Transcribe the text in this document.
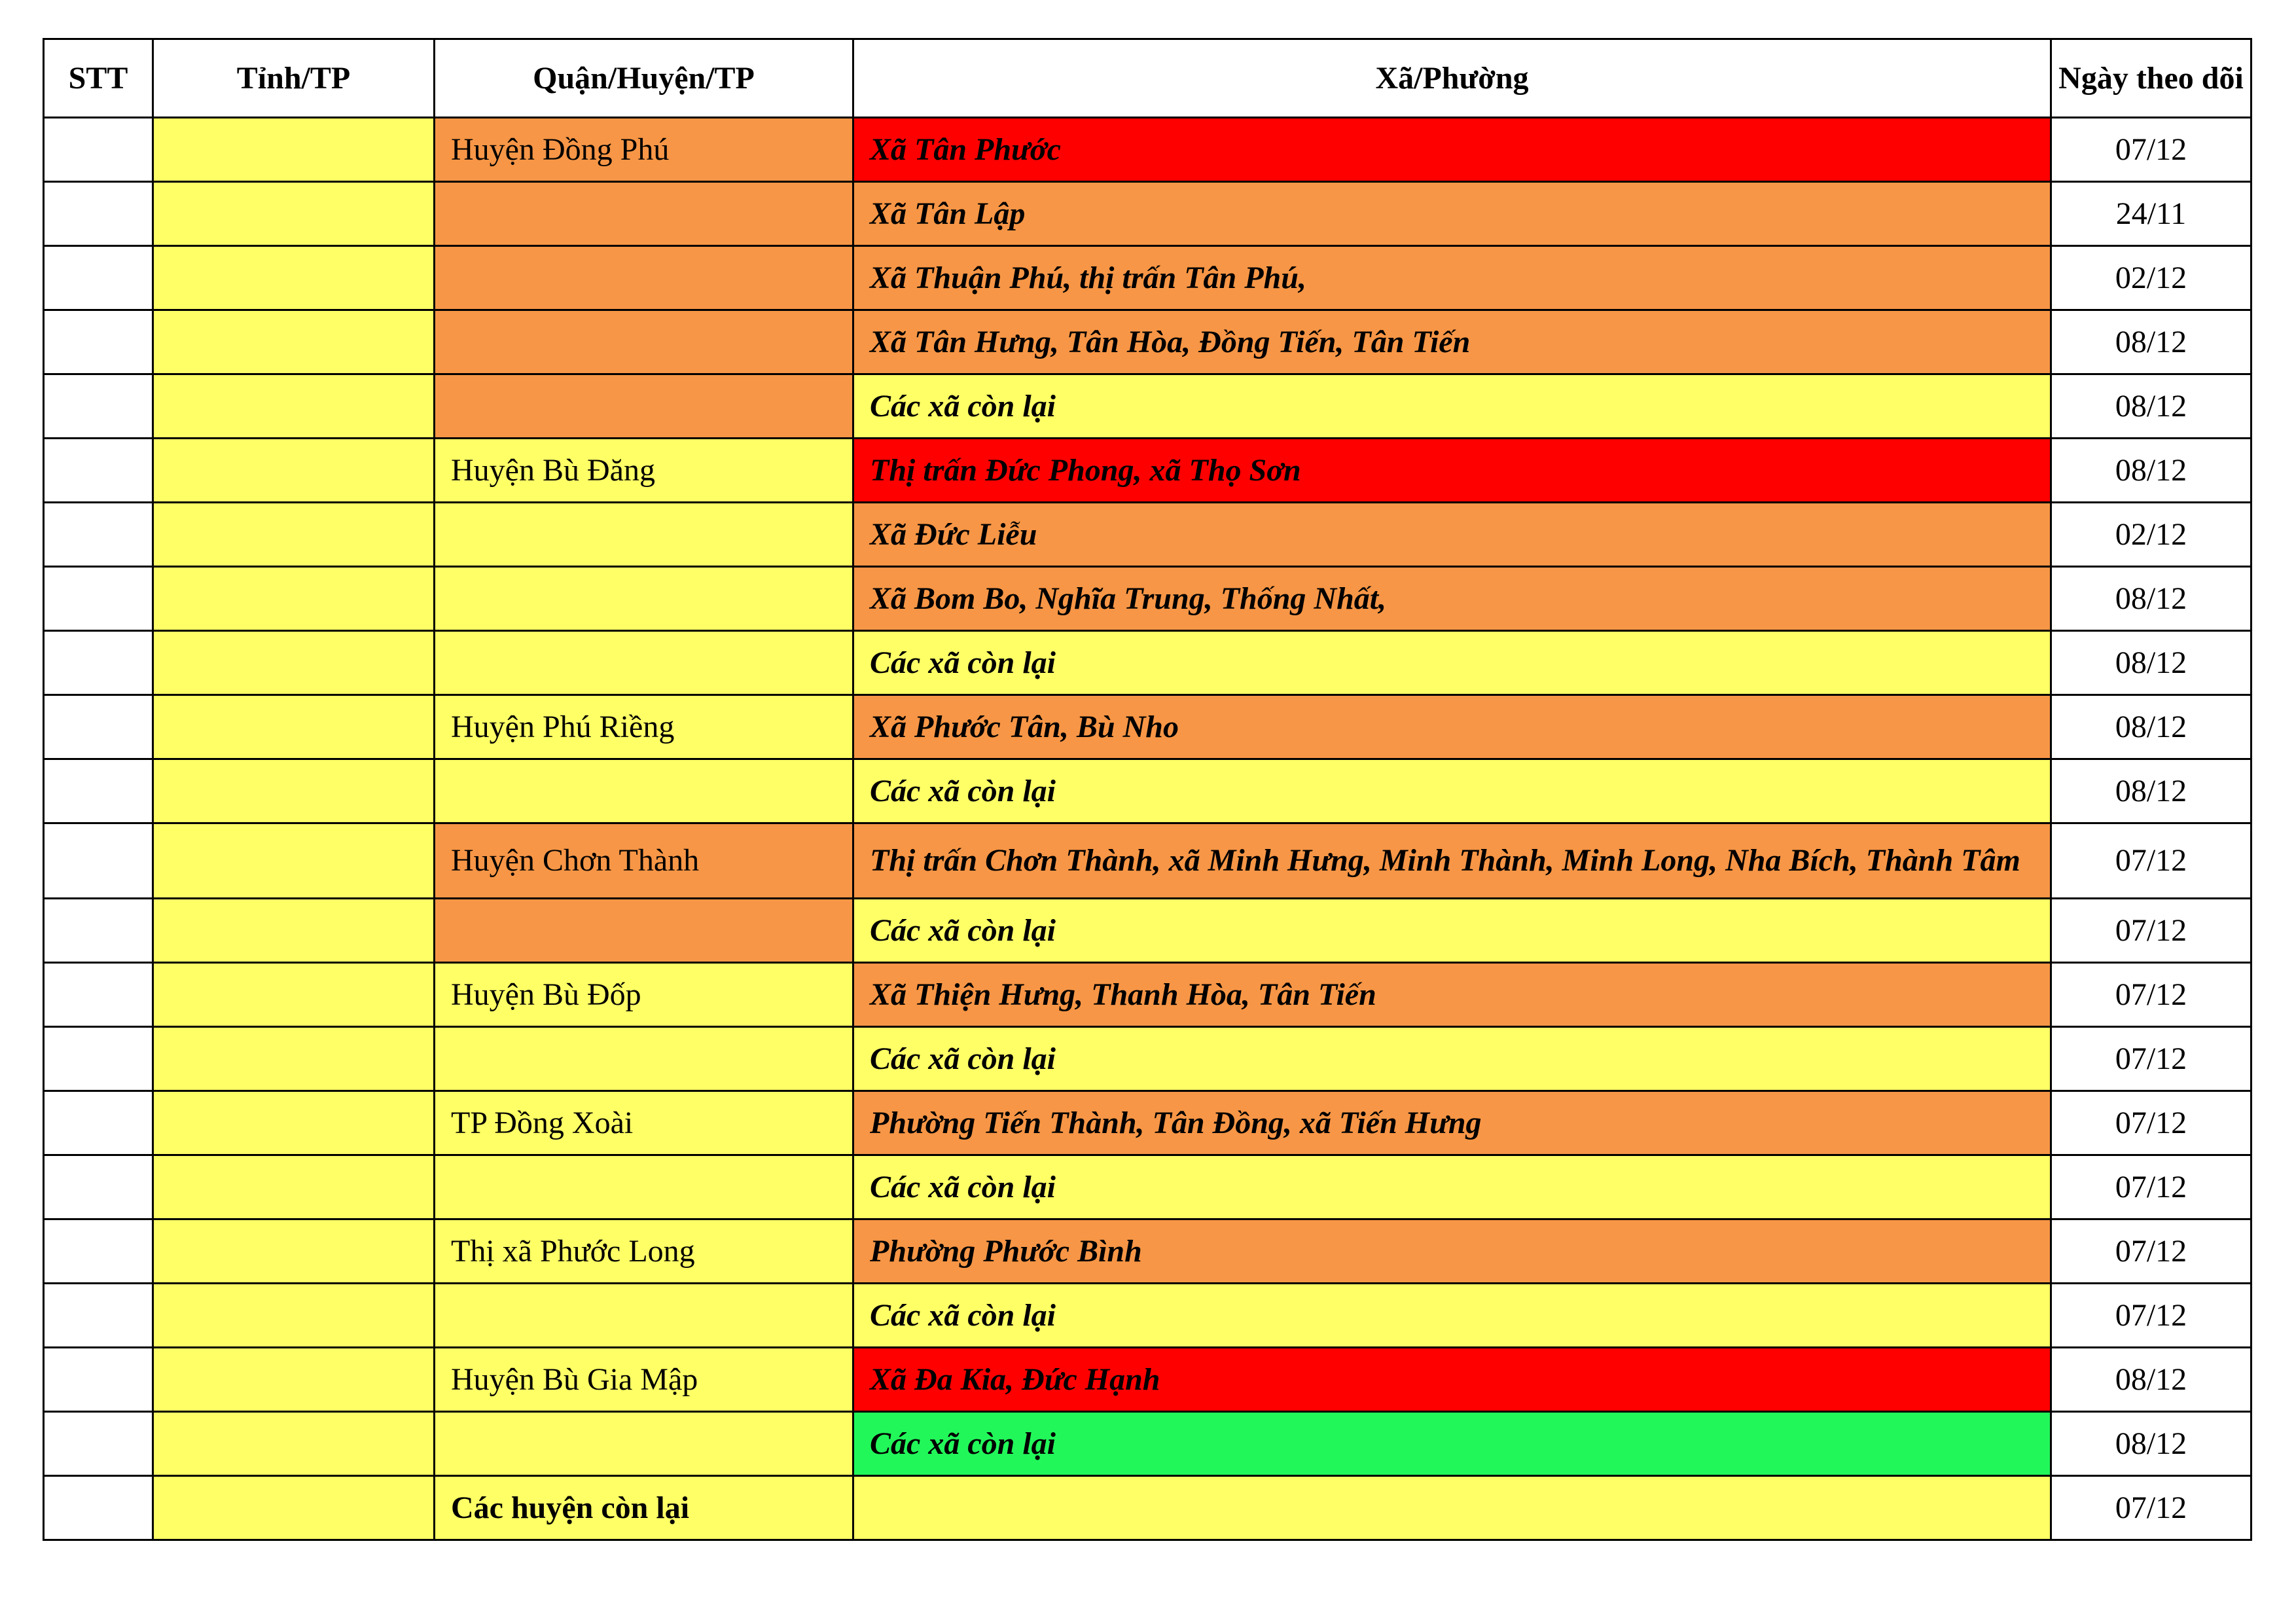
STT	Tỉnh/TP	Quận/Huyện/TP	Xã/Phường	Ngày theo dõi
		Huyện Đồng Phú	Xã Tân Phước	07/12
			Xã Tân Lập	24/11
			Xã Thuận Phú, thị trấn Tân Phú,	02/12
			Xã Tân Hưng, Tân Hòa, Đồng Tiến, Tân Tiến	08/12
			Các xã còn lại	08/12
		Huyện Bù Đăng	Thị trấn Đức Phong, xã Thọ Sơn	08/12
			Xã Đức Liễu	02/12
			Xã Bom Bo, Nghĩa Trung, Thống Nhất,	08/12
			Các xã còn lại	08/12
		Huyện Phú Riềng	Xã Phước Tân, Bù Nho	08/12
			Các xã còn lại	08/12
		Huyện Chơn Thành	Thị trấn Chơn Thành, xã Minh Hưng, Minh Thành, Minh Long, Nha Bích, Thành Tâm	07/12
			Các xã còn lại	07/12
		Huyện Bù Đốp	Xã Thiện Hưng, Thanh Hòa, Tân Tiến	07/12
			Các xã còn lại	07/12
		TP Đồng Xoài	Phường Tiến Thành, Tân Đồng, xã Tiến Hưng	07/12
			Các xã còn lại	07/12
		Thị xã Phước Long	Phường Phước Bình	07/12
			Các xã còn lại	07/12
		Huyện Bù Gia Mập	Xã Đa Kia, Đức Hạnh	08/12
			Các xã còn lại	08/12
		Các huyện còn lại		07/12
